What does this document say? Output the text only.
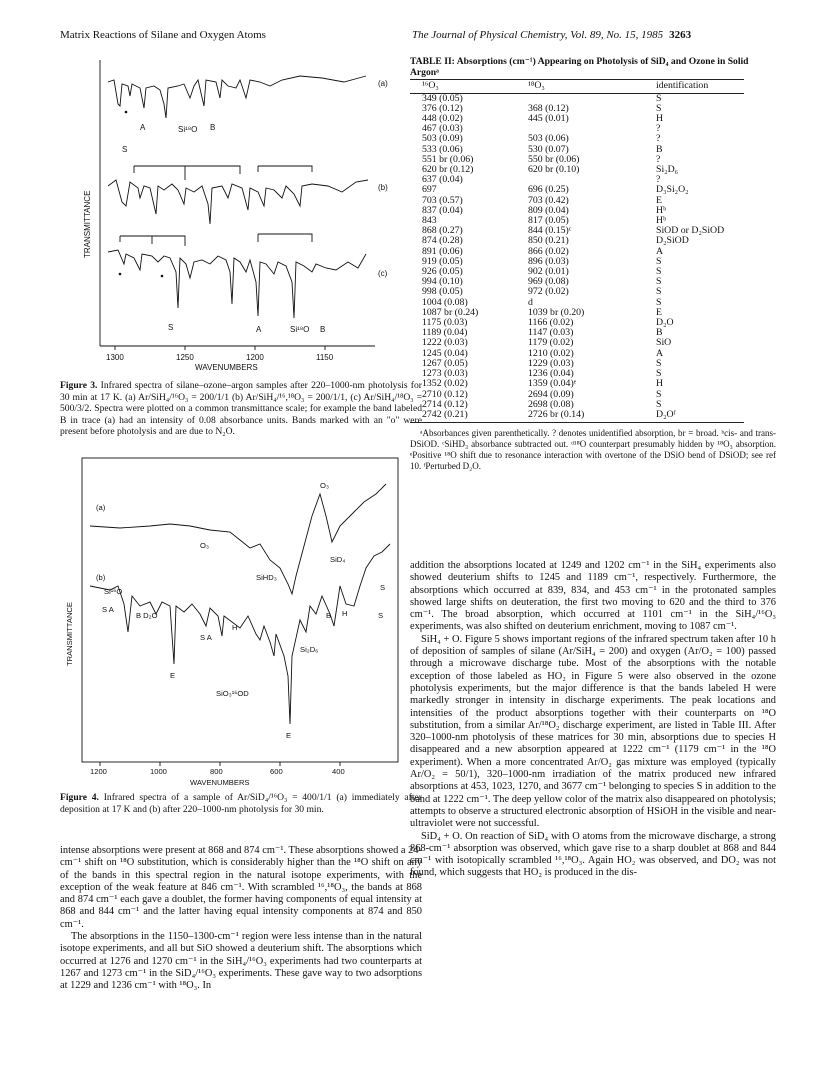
Matrix Reactions of Silane and Oxygen Atoms	The Journal of Physical Chemistry, Vol. 89, No. 15, 1985 3263
(a)
(b)
(c)
A	Si¹⁸O B
S
S	A	Si¹⁸O B
1300	1250	1200	1150
WAVENUMBERS
TRANSMITTANCE
Figure 3. Infrared spectra of silane–ozone–argon samples after 220–1000-nm photolysis for 30 min at 17 K. (a) Ar/SiH₄/¹⁶O₃ = 200/1/1 (b) Ar/SiH₄/¹⁶,¹⁸O₃ = 200/1/1, (c) Ar/SiH₄/¹⁸O₃ = 500/3/2. Spectra were plotted on a common transmittance scale; for example the band labeled B in trace (a) had an intensity of 0.08 absorbance units. Bands marked with an "o" were present before photolysis and are due to N₂O.
(a)
(b)
O₃
O₃
SiHD₃
SiD₄
S
Si¹⁶O
S A
B D₂O
S A
H
B H	S
Si₂D₆
E
SiO₃¹⁶OD
E
1200	1000	800	600	400
WAVENUMBERS
TRANSMITTANCE
Figure 4. Infrared spectra of a sample of Ar/SiD₄/¹⁶O₃ = 400/1/1 (a) immediately after deposition at 17 K and (b) after 220–1000-nm photolysis for 30 min.

intense absorptions were present at 868 and 874 cm⁻¹. These absorptions showed a 24-cm⁻¹ shift on ¹⁸O substitution, which is considerably higher than the ¹⁸O shift on any of the bands in this spectral region in the natural isotope experiments, with the exception of the weak feature at 846 cm⁻¹. With scrambled ¹⁶,¹⁸O₃, the bands at 868 and 874 cm⁻¹ each gave a doublet, the former having components of equal intensity at 868 and 844 cm⁻¹ and the latter having equal intensity components at 874 and 850 cm⁻¹.

The absorptions in the 1150–1300-cm⁻¹ region were less intense than in the natural isotope experiments, and all but SiO showed a deuterium shift. The absorptions which occurred at 1276 and 1270 cm⁻¹ in the SiH₄/¹⁶O₃ experiments had two counterparts at 1267 and 1273 cm⁻¹ in the SiD₄/¹⁶O₃ experiments. These gave way to two adsorptions at 1229 and 1236 cm⁻¹ with ¹⁸O₃. In

TABLE II: Absorptions (cm⁻¹) Appearing on Photolysis of SiD₄ and Ozone in Solid Argonᵃ
¹⁶O₃	¹⁸O₃	identification
349 (0.05)		S
376 (0.12)	368 (0.12)	S
448 (0.02)	445 (0.01)	H
467 (0.03)		?
503 (0.09)	503 (0.06)	?
533 (0.06)	530 (0.07)	B
551 br (0.06)	550 br (0.06)	?
620 br (0.12)	620 br (0.10)	Si₂D₆
637 (0.04)		?
697	696 (0.25)	D₃Si₂O₂
703 (0.57)	703 (0.42)	E
837 (0.04)	809 (0.04)	Hᵇ
843	817 (0.05)	Hᵇ
868 (0.27)	844 (0.15)ᶜ	SiOD or D₂SiOD
874 (0.28)	850 (0.21)	D₂SiOD
891 (0.06)	866 (0.02)	A
919 (0.05)	896 (0.03)	S
926 (0.05)	902 (0.01)	S
994 (0.10)	969 (0.08)	S
998 (0.05)	972 (0.02)	S
1004 (0.08)	d	S
1087 br (0.24)	1039 br (0.20)	E
1175 (0.03)	1166 (0.02)	D₂O
1189 (0.04)	1147 (0.03)	B
1222 (0.03)	1179 (0.02)	SiO
1245 (0.04)	1210 (0.02)	A
1267 (0.05)	1229 (0.03)	S
1273 (0.03)	1236 (0.04)	S
1352 (0.02)	1359 (0.04)ᵉ	H
2710 (0.12)	2694 (0.09)	S
2714 (0.12)	2698 (0.08)	S
2742 (0.21)	2726 br (0.14)	D₂Oᶠ
ᵃAbsorbances given parenthetically. ? denotes unidentified absorption, br = broad. ᵇcis- and trans-DSiOD. ᶜSiHD₃ absorbance subtracted out. ᵈ¹⁸O counterpart presumably hidden by ¹⁸O₃ absorption. ᵉPositive ¹⁸O shift due to resonance interaction with overtone of the DSiO bend of DSiOD; see ref 10. ᶠPerturbed D₂O.

addition the absorptions located at 1249 and 1202 cm⁻¹ in the SiH₄ experiments also showed deuterium shifts to 1245 and 1189 cm⁻¹, respectively. Furthermore, the absorptions which occurred at 839, 834, and 453 cm⁻¹ in the protonated samples showed large shifts on deuteration, the first two moving to 620 and the third to 376 cm⁻¹. The broad absorption, which occurred at 1101 cm⁻¹ in the SiH₄/¹⁶O₃ experiments, was also shifted on deuterium enrichment, moving to 1087 cm⁻¹.

SiH₄ + O. Figure 5 shows important regions of the infrared spectrum taken after 10 h of deposition of samples of silane (Ar/SiH₄ = 200) and oxygen (Ar/O₂ = 100) passed through a microwave discharge tube. Most of the absorptions with the notable exception of those labeled as HO₂ in Figure 5 were also observed in the ozone photolysis experiments, but the major difference is that the bands labeled H were markedly stronger in intensity in discharge experiments. The peak locations and intensities of the product absorptions together with their counterparts on ¹⁸O substitution, from a similar Ar/¹⁸O₂ discharge experiment, are listed in Table III. After 320–1000-nm photolysis of these matrices for 30 min, absorptions due to species H disappeared and a new absorption appeared at 1222 cm⁻¹ (1179 cm⁻¹ in the ¹⁸O experiment). When a more concentrated Ar/O₂ gas mixture was employed (typically Ar/O₂ = 50/1), 320–1000-nm irradiation of the matrix produced new infrared absorptions at 453, 1023, 1270, and 3677 cm⁻¹ belonging to species S in addition to the band at 1222 cm⁻¹. The deep yellow color of the matrix also disappeared on photolysis; attempts to observe a structured electronic absorption of HSiOH in the visible and near-ultraviolet were not successful.

SiD₄ + O. On reaction of SiD₄ with O atoms from the microwave discharge, a strong 868-cm⁻¹ absorption was observed, which gave rise to a sharp doublet at 868 and 844 cm⁻¹ with isotopically scrambled ¹⁶,¹⁸O₃. Again HO₂ was observed, and DO₂ was not found, which suggests that HO₂ is produced in the dis-
